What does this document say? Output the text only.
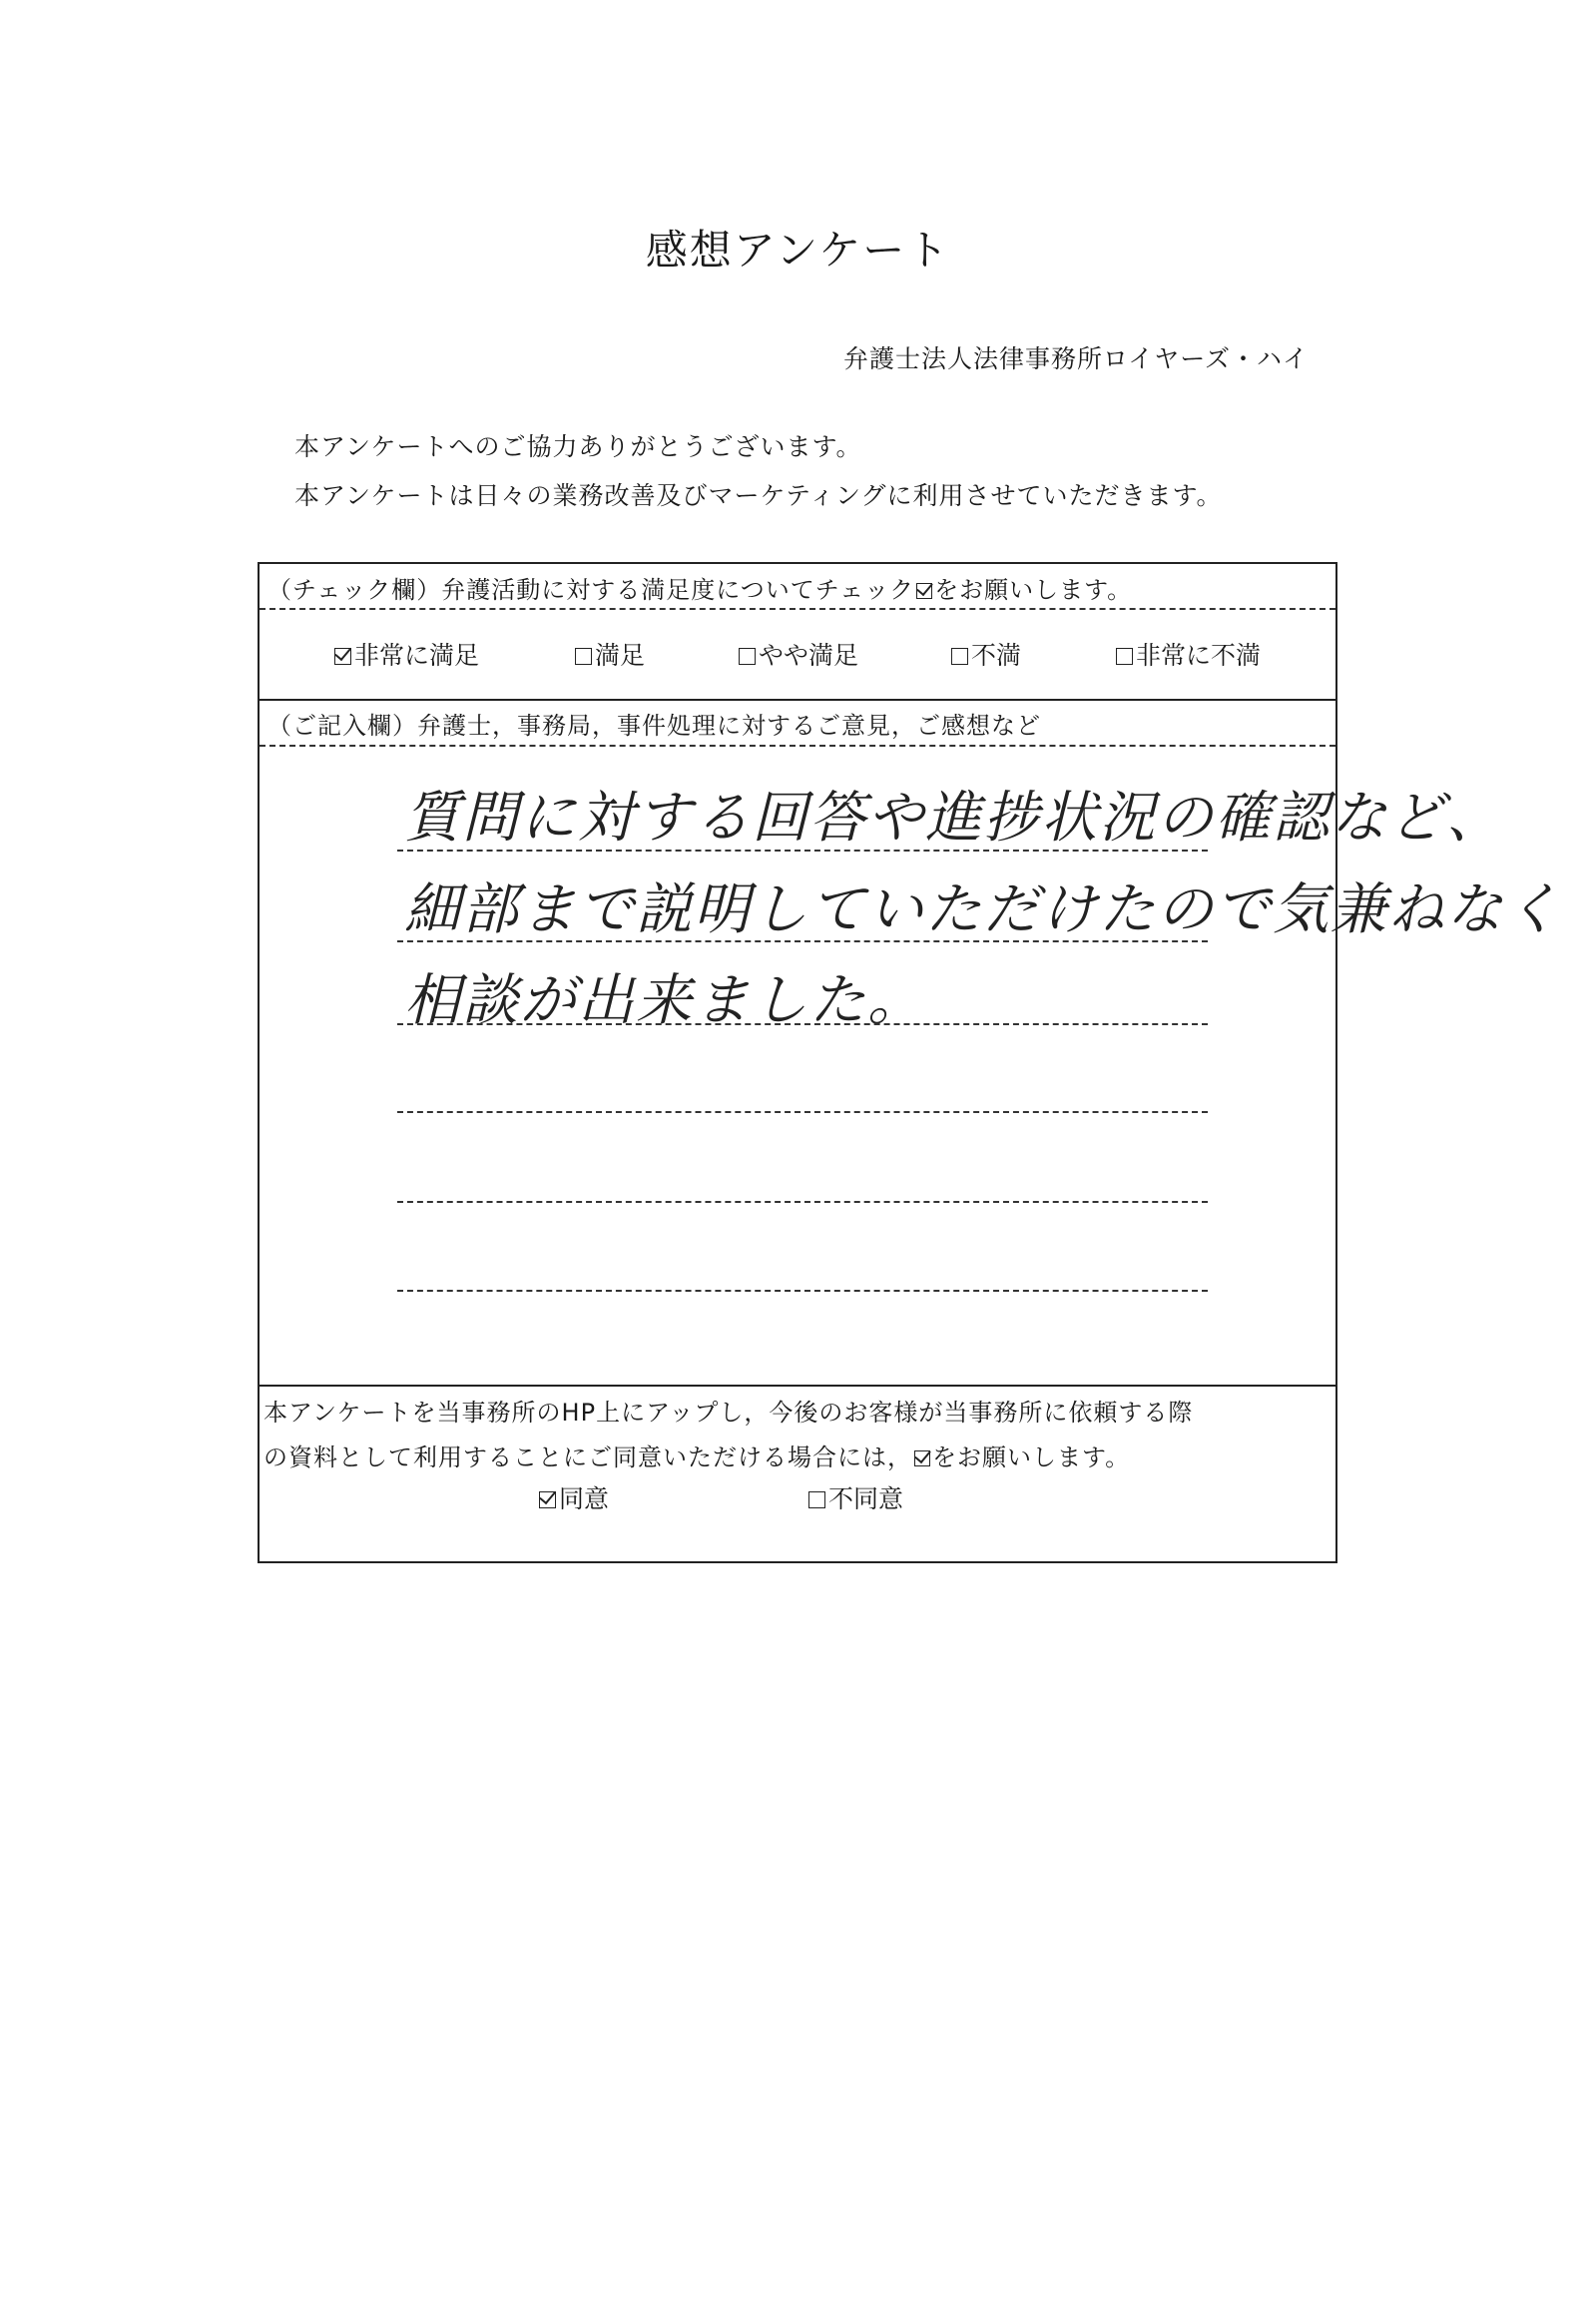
感想アンケート
弁護士法人法律事務所ロイヤーズ・ハイ
本アンケートへのご協力ありがとうございます。
本アンケートは日々の業務改善及びマーケティングに利用させていただきます。
（チェック欄）弁護活動に対する満足度についてチェック をお願いします。
非常に満足	満足	やや満足	不満	非常に不満
（ご記入欄）弁護士，事務局，事件処理に対するご意見，ご感想など
質問に対する回答や進捗状況の確認など、
細部まで説明していただけたので気兼ねなく
相談が出来ました。
本アンケートを当事務所のHP上にアップし，今後のお客様が当事務所に依頼する際
の資料として利用することにご同意いただける場合には， をお願いします。
同意	不同意
